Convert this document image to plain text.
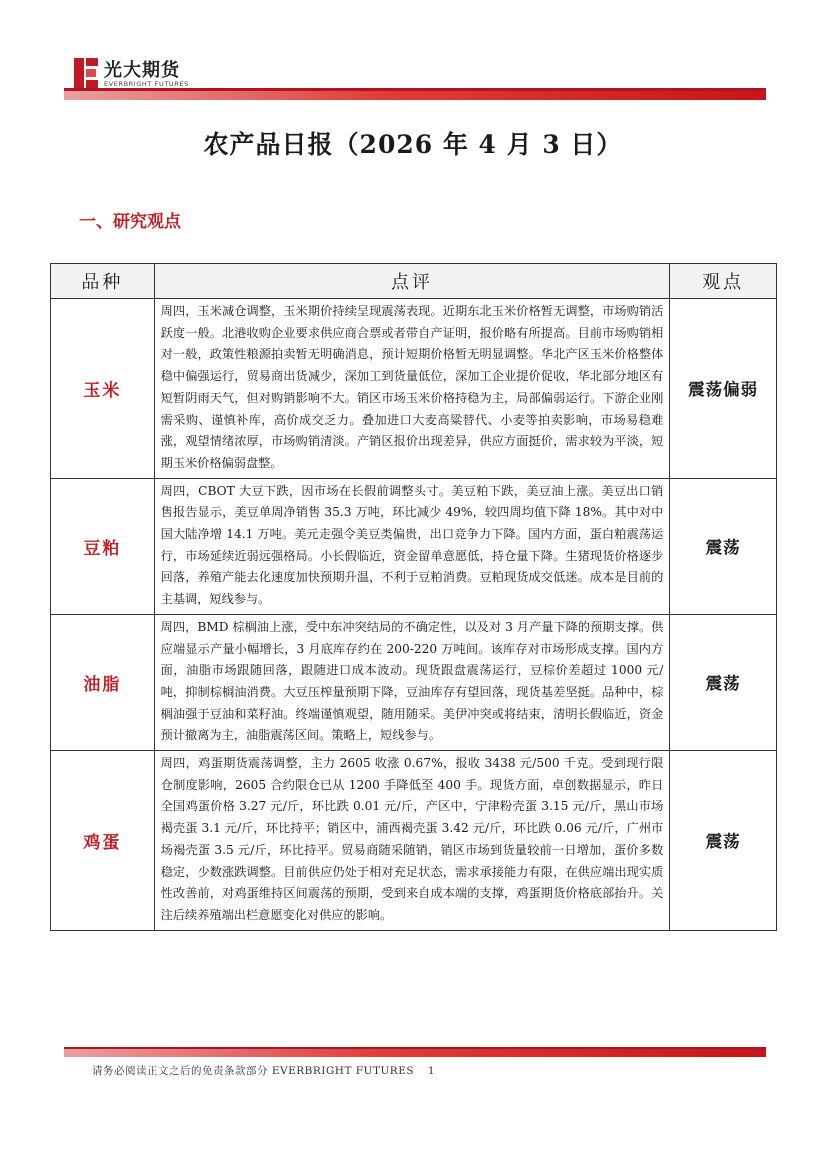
光大期货
EVERBRIGHT FUTURES
农产品日报（2026 年 4 月 3 日）
一、研究观点
品种	点评	观点
玉米	周四，玉米减仓调整，玉米期价持续呈现震荡表现。近期东北玉米价格暂无调整，市场购销活跃度一般。北港收购企业要求供应商合票或者带自产证明，报价略有所提高。目前市场购销相对一般，政策性粮源拍卖暂无明确消息，预计短期价格暂无明显调整。华北产区玉米价格整体稳中偏强运行，贸易商出货减少，深加工到货量低位，深加工企业提价促收，华北部分地区有短暂阴雨天气，但对购销影响不大。销区市场玉米价格持稳为主，局部偏弱运行。下游企业刚需采购、谨慎补库，高价成交乏力。叠加进口大麦高粱替代、小麦等拍卖影响，市场易稳难涨，观望情绪浓厚，市场购销清淡。产销区报价出现差异，供应方面挺价，需求较为平淡，短期玉米价格偏弱盘整。	震荡偏弱
豆粕	周四，CBOT 大豆下跌，因市场在长假前调整头寸。美豆粕下跌，美豆油上涨。美豆出口销售报告显示，美豆单周净销售 35.3 万吨，环比减少 49%，较四周均值下降 18%。其中对中国大陆净增 14.1 万吨。美元走强令美豆类偏贵，出口竞争力下降。国内方面，蛋白粕震荡运行，市场延续近弱远强格局。小长假临近，资金留单意愿低，持仓量下降。生猪现货价格逐步回落，养殖产能去化速度加快预期升温，不利于豆粕消费。豆粕现货成交低迷。成本是目前的主基调，短线参与。	震荡
油脂	周四，BMD 棕榈油上涨，受中东冲突结局的不确定性，以及对 3 月产量下降的预期支撑。供应端显示产量小幅增长，3 月底库存约在 200-220 万吨间。该库存对市场形成支撑。国内方面，油脂市场跟随回落，跟随进口成本波动。现货跟盘震荡运行，豆棕价差超过 1000 元/吨，抑制棕榈油消费。大豆压榨量预期下降，豆油库存有望回落，现货基差坚挺。品种中，棕榈油强于豆油和菜籽油。终端谨慎观望，随用随采。美伊冲突或将结束，清明长假临近，资金预计撤离为主，油脂震荡区间。策略上，短线参与。	震荡
鸡蛋	周四，鸡蛋期货震荡调整，主力 2605 收涨 0.67%，报收 3438 元/500 千克。受到现行限仓制度影响，2605 合约限仓已从 1200 手降低至 400 手。现货方面，卓创数据显示，昨日全国鸡蛋价格 3.27 元/斤，环比跌 0.01 元/斤，产区中，宁津粉壳蛋 3.15 元/斤，黑山市场褐壳蛋 3.1 元/斤，环比持平；销区中，浦西褐壳蛋 3.42 元/斤，环比跌 0.06 元/斤，广州市场褐壳蛋 3.5 元/斤，环比持平。贸易商随采随销，销区市场到货量较前一日增加，蛋价多数稳定，少数涨跌调整。目前供应仍处于相对充足状态，需求承接能力有限，在供应端出现实质性改善前，对鸡蛋维持区间震荡的预期，受到来自成本端的支撑，鸡蛋期货价格底部抬升。关注后续养殖端出栏意愿变化对供应的影响。	震荡
请务必阅读正文之后的免责条款部分 EVERBRIGHT FUTURES 1
